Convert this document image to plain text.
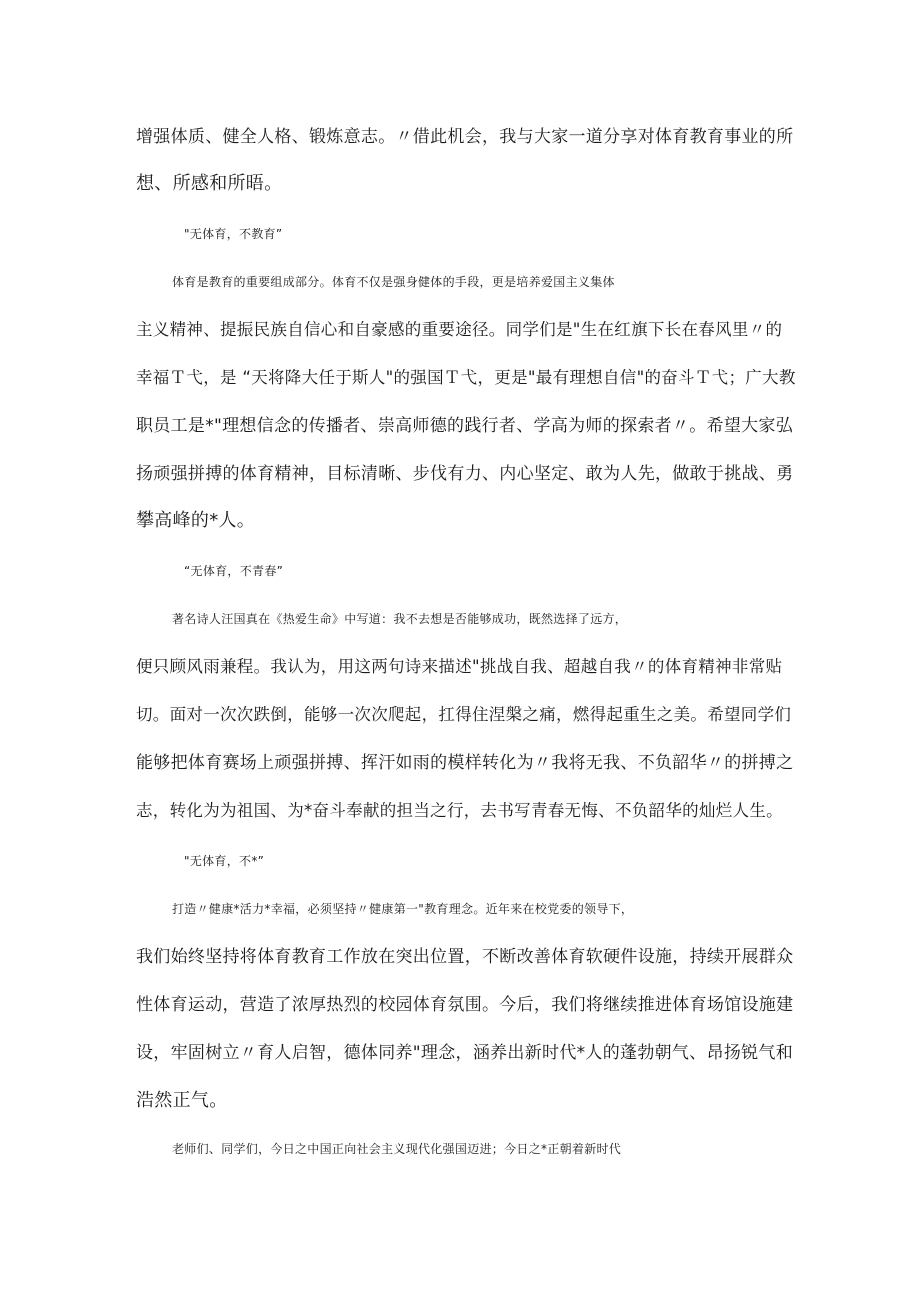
增强体质、健全人格、锻炼意志。〃借此机会，我与大家一道分享对体育教育事业的所
想、所感和所晤。
"无体育，不教育”
体育是教育的重要组成部分。体育不仅是强身健体的手段，更是培养爱国主义集体
主义精神、提振民族自信心和自豪感的重要途径。同学们是"生在红旗下长在春风里〃的
幸福Ｔ弋，是 “天将降大任于斯人"的强国Ｔ弋，更是"最有理想自信"的奋斗Ｔ弋；广大教
职员工是*"理想信念的传播者、崇高师德的践行者、学高为师的探索者〃。希望大家弘
扬顽强拼搏的体育精神，目标清晰、步伐有力、内心坚定、敢为人先，做敢于挑战、勇
攀高峰的*人。
“无体育，不青春”
著名诗人汪国真在《热爱生命》中写道：我不去想是否能够成功，既然选择了远方，
便只顾风雨兼程。我认为，用这两句诗来描述"挑战自我、超越自我〃的体育精神非常贴
切。面对一次次跌倒，能够一次次爬起，扛得住涅槃之痛，燃得起重生之美。希望同学们
能够把体育赛场上顽强拼搏、挥汗如雨的模样转化为〃我将无我、不负韶华〃的拼搏之
志，转化为为祖国、为*奋斗奉献的担当之行，去书写青春无悔、不负韶华的灿烂人生。
"无体育，不*”
打造〃健康*活力*幸福，必须坚持〃健康第一"教育理念。近年来在校党委的领导下，
我们始终坚持将体育教育工作放在突出位置，不断改善体育软硬件设施，持续开展群众
性体育运动，营造了浓厚热烈的校园体育氛围。今后，我们将继续推进体育场馆设施建
设，牢固树立〃育人启智，德体同养"理念，涵养出新时代*人的蓬勃朝气、昂扬锐气和
浩然正气。
老师们、同学们，今日之中国正向社会主义现代化强国迈进；今日之*正朝着新时代
